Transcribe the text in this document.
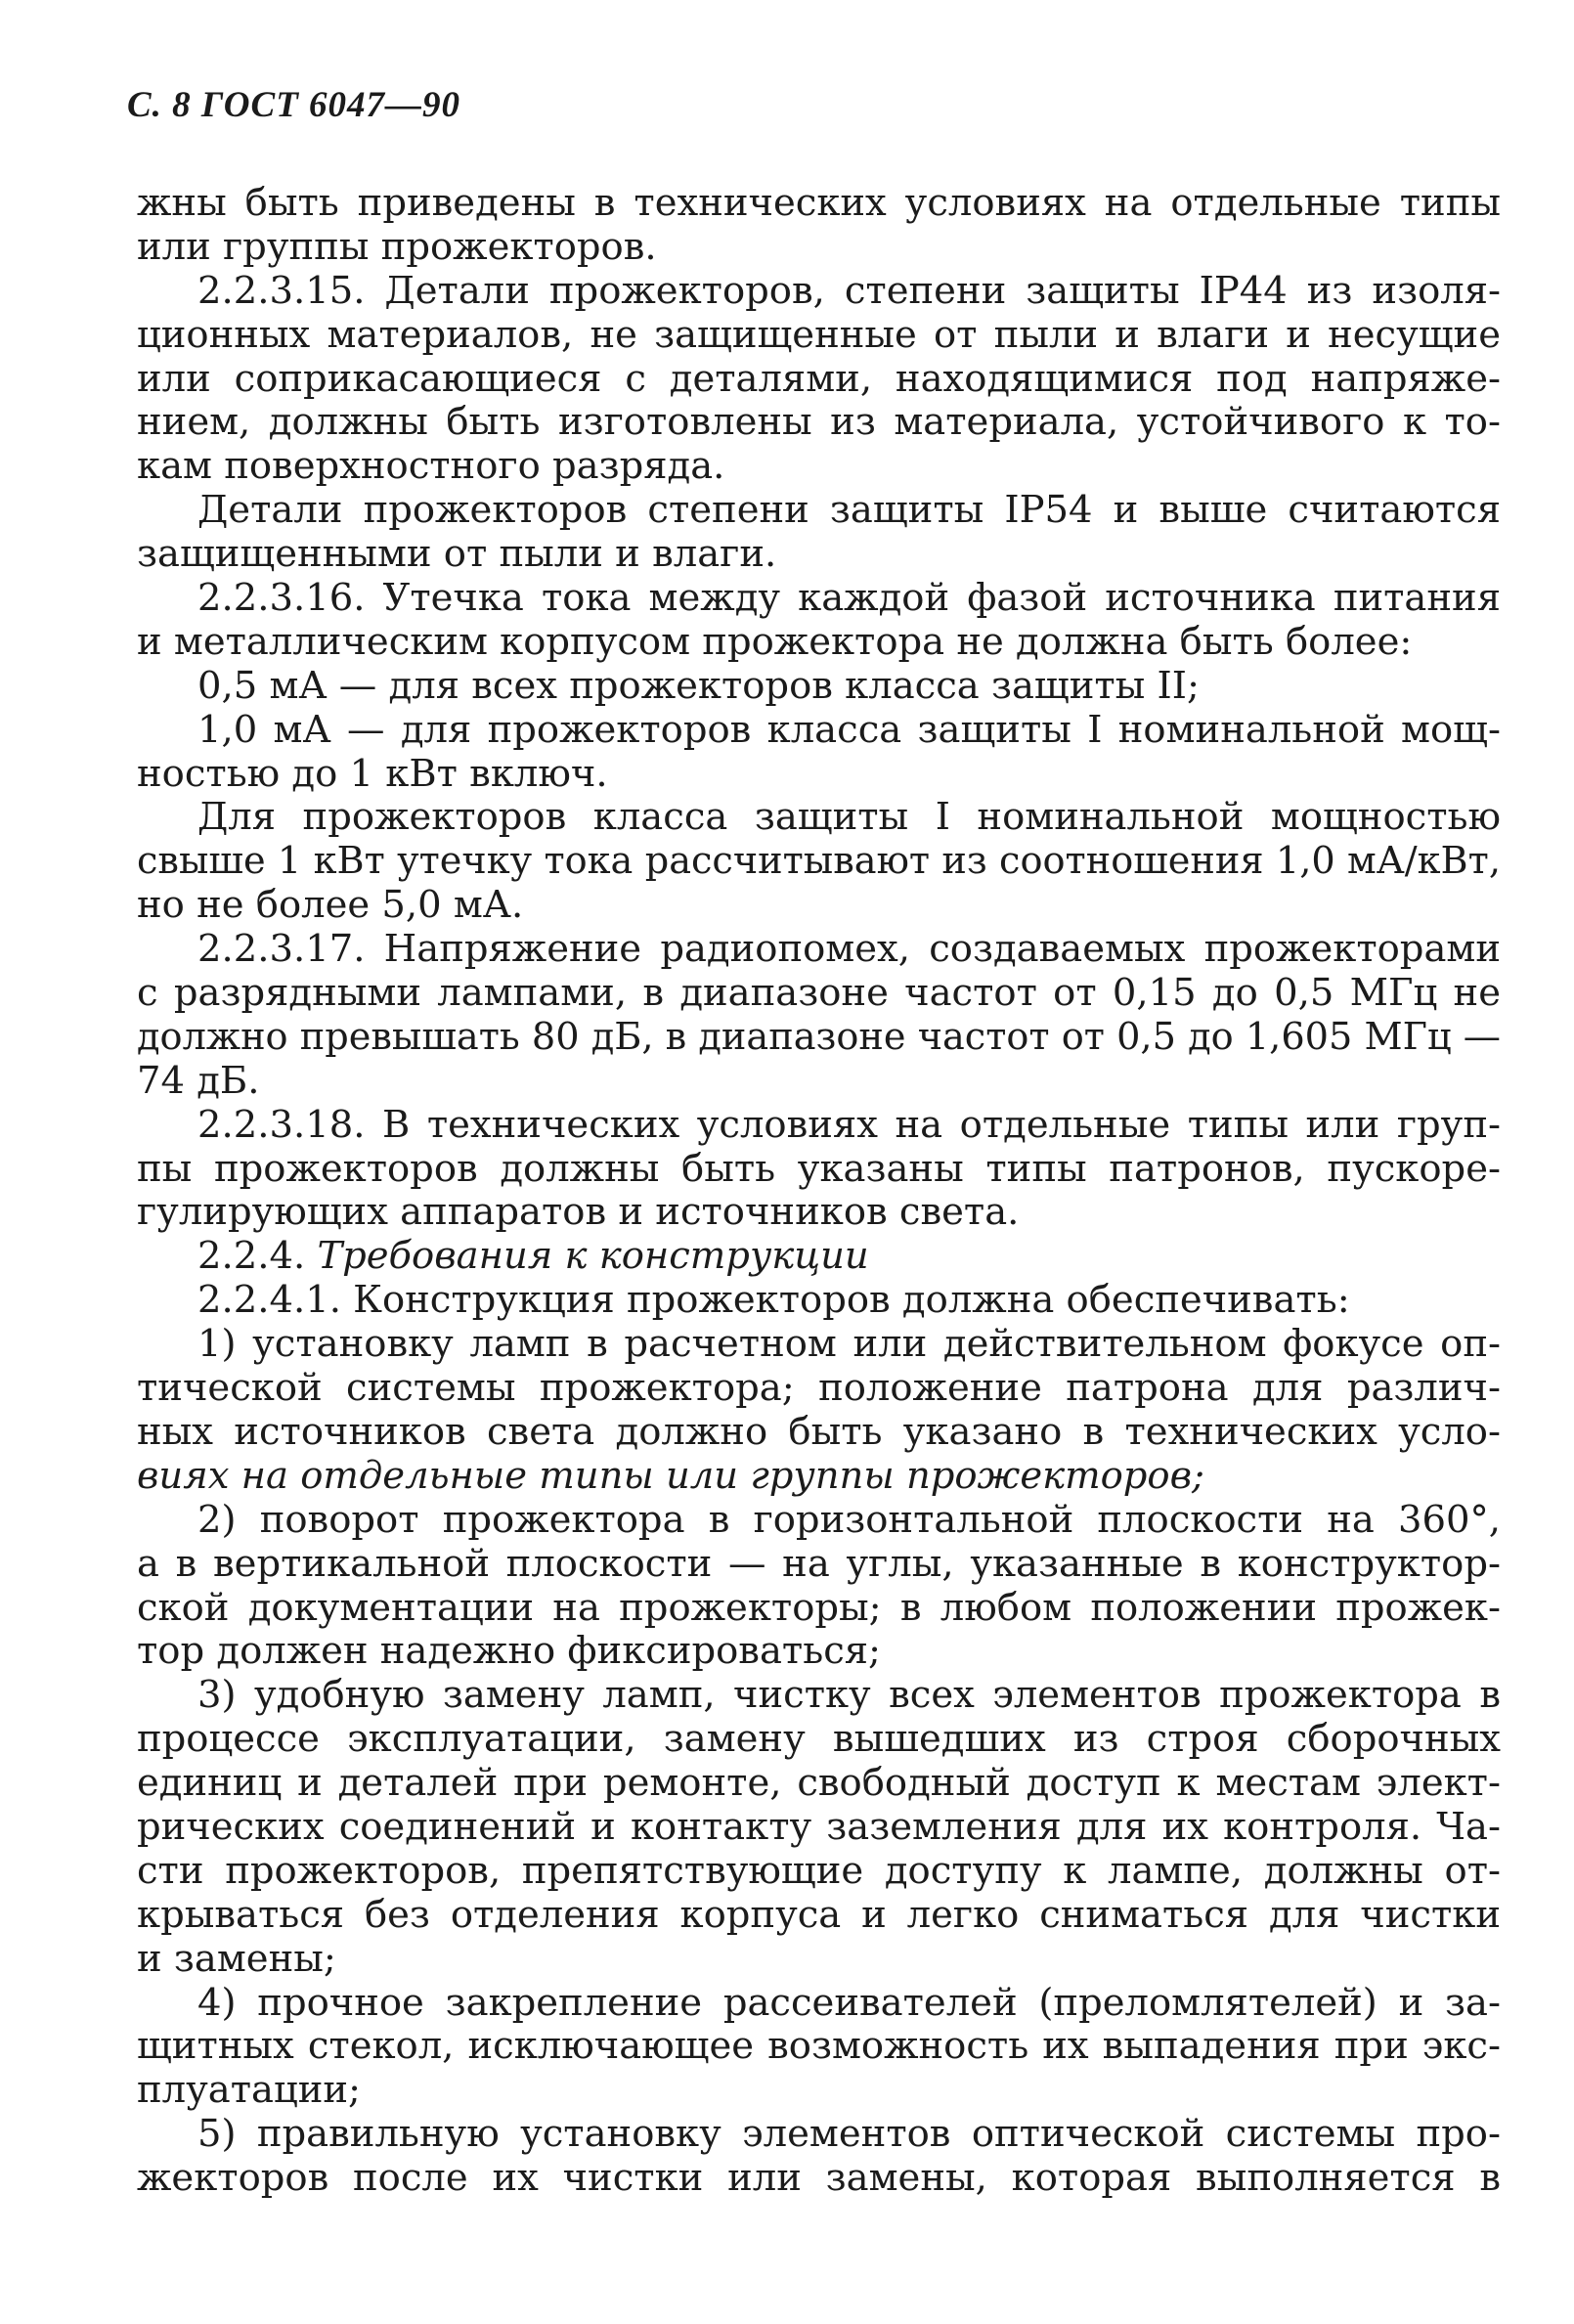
С. 8 ГОСТ 6047—90
жны быть приведены в технических условиях на отдельные типы
или группы прожекторов.
2.2.3.15. Детали прожекторов, степени защиты IP44 из изоля-
ционных материалов, не защищенные от пыли и влаги и несущие
или соприкасающиеся с деталями, находящимися под напряже-
нием, должны быть изготовлены из материала, устойчивого к то-
кам поверхностного разряда.
Детали прожекторов степени защиты IP54 и выше считаются
защищенными от пыли и влаги.
2.2.3.16. Утечка тока между каждой фазой источника питания
и металлическим корпусом прожектора не должна быть более:
0,5 мА — для всех прожекторов класса защиты II;
1,0 мА — для прожекторов класса защиты I номинальной мощ-
ностью до 1 кВт включ.
Для прожекторов класса защиты I номинальной мощностью
свыше 1 кВт утечку тока рассчитывают из соотношения 1,0 мА/кВт,
но не более 5,0 мА.
2.2.3.17. Напряжение радиопомех, создаваемых прожекторами
с разрядными лампами, в диапазоне частот от 0,15 до 0,5 МГц не
должно превышать 80 дБ, в диапазоне частот от 0,5 до 1,605 МГц —
74 дБ.
2.2.3.18. В технических условиях на отдельные типы или груп-
пы прожекторов должны быть указаны типы патронов, пускоре-
гулирующих аппаратов и источников света.
2.2.4. Требования к конструкции
2.2.4.1. Конструкция прожекторов должна обеспечивать:
1) установку ламп в расчетном или действительном фокусе оп-
тической системы прожектора; положение патрона для различ-
ных источников света должно быть указано в технических усло-
виях на отдельные типы или группы прожекторов;
2) поворот прожектора в горизонтальной плоскости на 360°,
а в вертикальной плоскости — на углы, указанные в конструктор-
ской документации на прожекторы; в любом положении прожек-
тор должен надежно фиксироваться;
3) удобную замену ламп, чистку всех элементов прожектора в
процессе эксплуатации, замену вышедших из строя сборочных
единиц и деталей при ремонте, свободный доступ к местам элект-
рических соединений и контакту заземления для их контроля. Ча-
сти прожекторов, препятствующие доступу к лампе, должны от-
крываться без отделения корпуса и легко сниматься для чистки
и замены;
4) прочное закрепление рассеивателей (преломлятелей) и за-
щитных стекол, исключающее возможность их выпадения при экс-
плуатации;
5) правильную установку элементов оптической системы про-
жекторов после их чистки или замены, которая выполняется в
